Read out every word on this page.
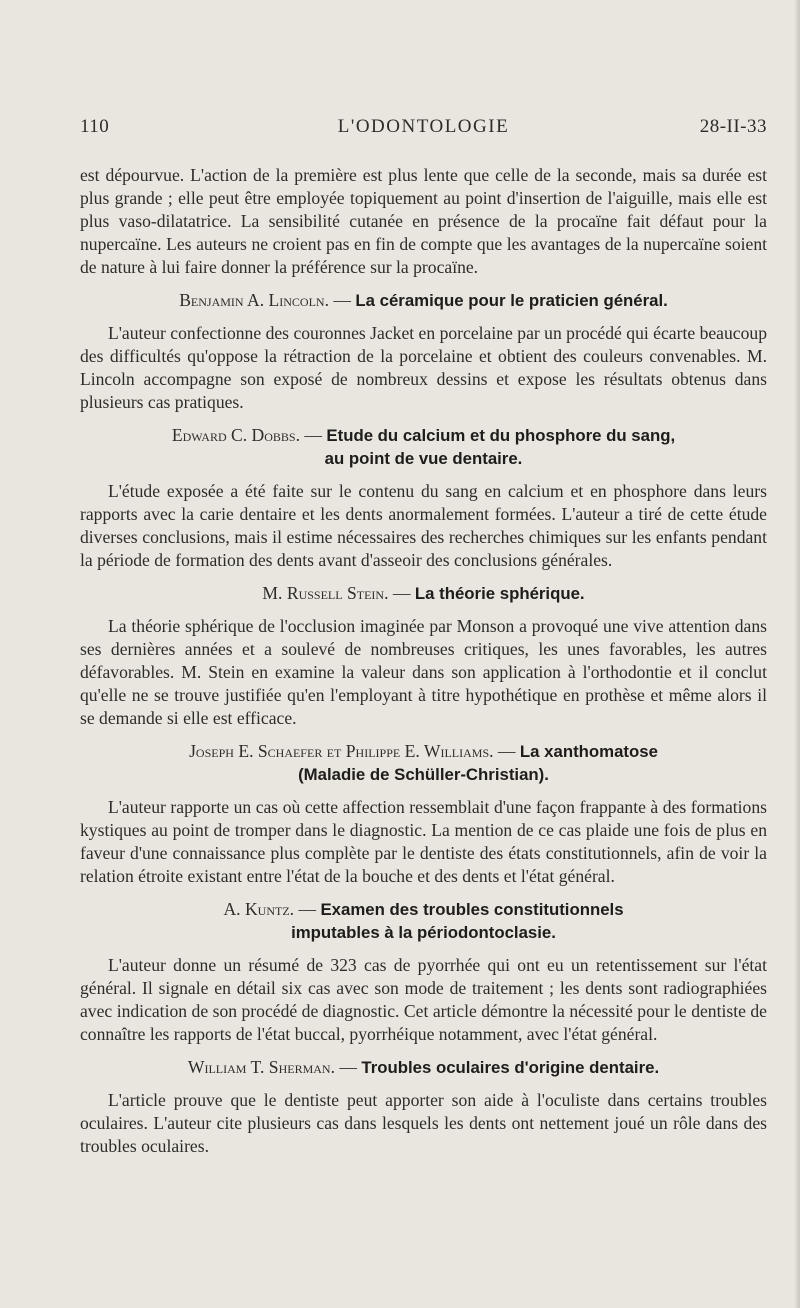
110	L'ODONTOLOGIE	28-II-33

est dépourvue. L'action de la première est plus lente que celle de la seconde, mais sa durée est plus grande ; elle peut être employée topiquement au point d'insertion de l'aiguille, mais elle est plus vaso-dilatatrice. La sensibilité cutanée en présence de la procaïne fait défaut pour la nupercaïne. Les auteurs ne croient pas en fin de compte que les avantages de la nupercaïne soient de nature à lui faire donner la préférence sur la procaïne.

Benjamin A. Lincoln. — La céramique pour le praticien général.

L'auteur confectionne des couronnes Jacket en porcelaine par un procédé qui écarte beaucoup des difficultés qu'oppose la rétraction de la porcelaine et obtient des couleurs convenables. M. Lincoln accompagne son exposé de nombreux dessins et expose les résultats obtenus dans plusieurs cas pratiques.

Edward C. Dobbs. — Etude du calcium et du phosphore du sang,
au point de vue dentaire.

L'étude exposée a été faite sur le contenu du sang en calcium et en phosphore dans leurs rapports avec la carie dentaire et les dents anormalement formées. L'auteur a tiré de cette étude diverses conclusions, mais il estime nécessaires des recherches chimiques sur les enfants pendant la période de formation des dents avant d'asseoir des conclusions générales.

M. Russell Stein. — La théorie sphérique.

La théorie sphérique de l'occlusion imaginée par Monson a provoqué une vive attention dans ses dernières années et a soulevé de nombreuses critiques, les unes favorables, les autres défavorables. M. Stein en examine la valeur dans son application à l'orthodontie et il conclut qu'elle ne se trouve justifiée qu'en l'employant à titre hypothétique en prothèse et même alors il se demande si elle est efficace.

Joseph E. Schaefer et Philippe E. Williams. — La xanthomatose
(Maladie de Schüller-Christian).

L'auteur rapporte un cas où cette affection ressemblait d'une façon frappante à des formations kystiques au point de tromper dans le diagnostic. La mention de ce cas plaide une fois de plus en faveur d'une connaissance plus complète par le dentiste des états constitutionnels, afin de voir la relation étroite existant entre l'état de la bouche et des dents et l'état général.

A. Kuntz. — Examen des troubles constitutionnels
imputables à la périodontoclasie.

L'auteur donne un résumé de 323 cas de pyorrhée qui ont eu un retentissement sur l'état général. Il signale en détail six cas avec son mode de traitement ; les dents sont radiographiées avec indication de son procédé de diagnostic. Cet article démontre la nécessité pour le dentiste de connaître les rapports de l'état buccal, pyorrhéique notamment, avec l'état général.

William T. Sherman. — Troubles oculaires d'origine dentaire.

L'article prouve que le dentiste peut apporter son aide à l'oculiste dans certains troubles oculaires. L'auteur cite plusieurs cas dans lesquels les dents ont nettement joué un rôle dans des troubles oculaires.
